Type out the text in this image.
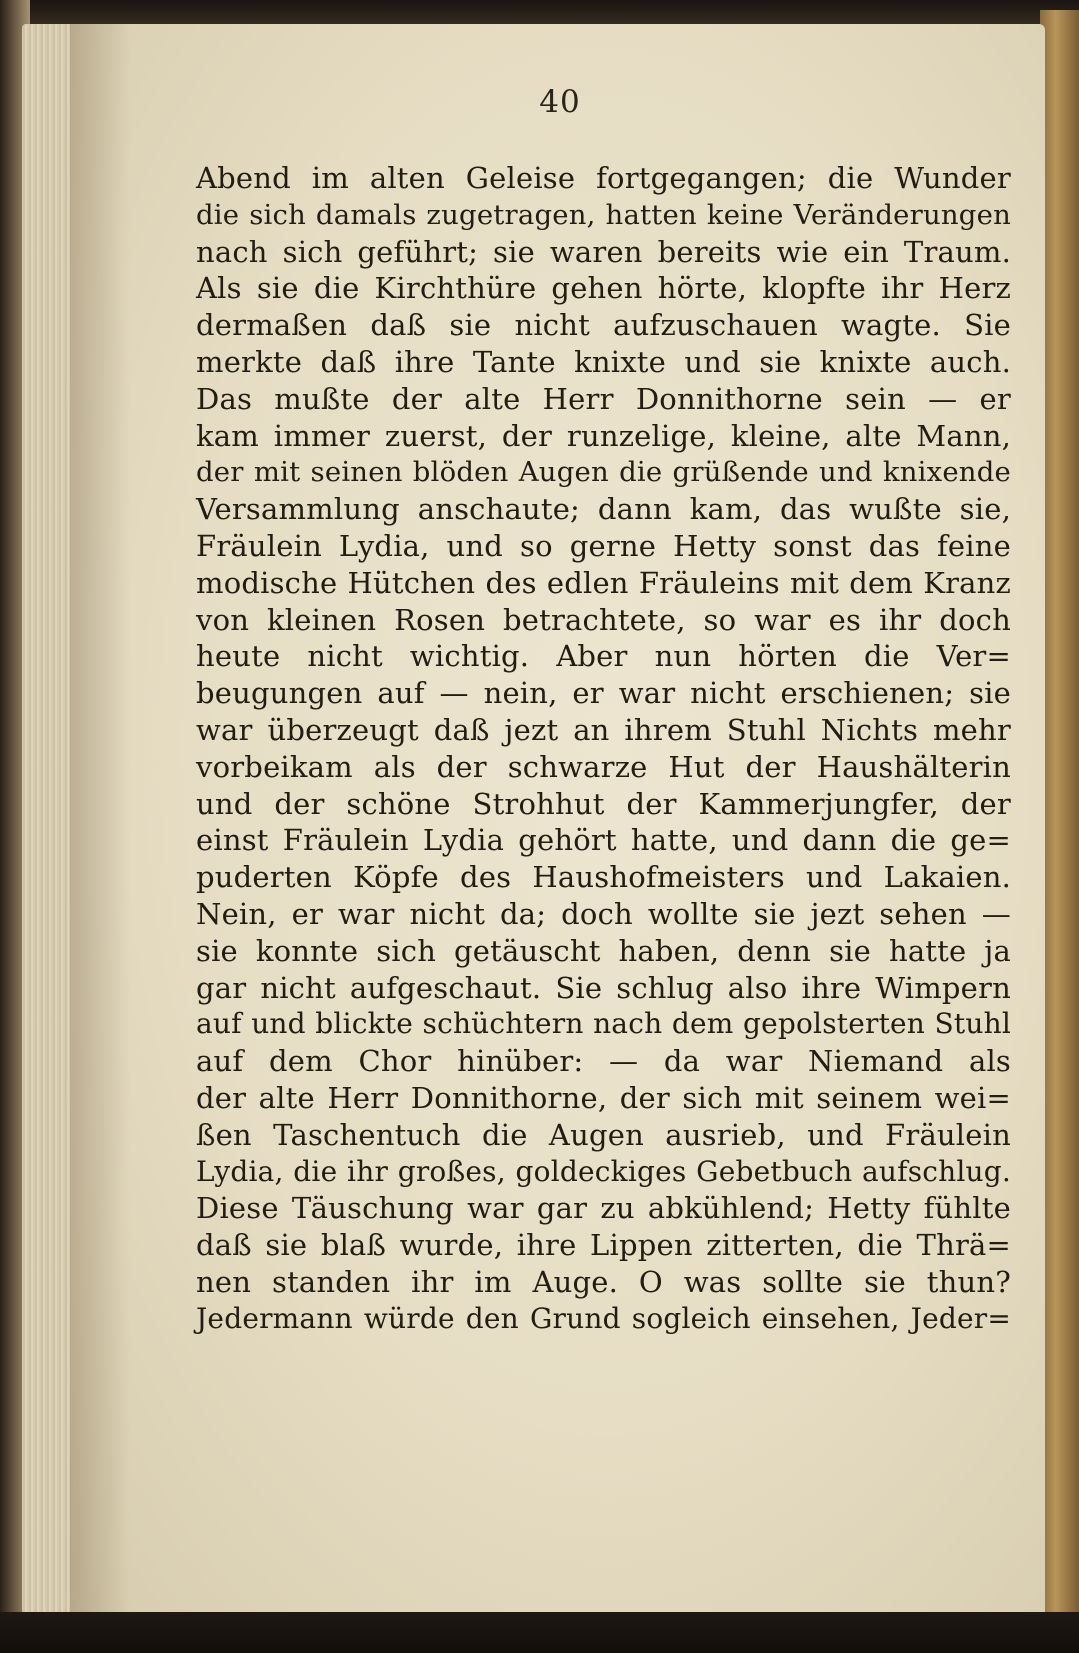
40
Abend im alten Geleise fortgegangen; die Wunder
die sich damals zugetragen, hatten keine Veränderungen
nach sich geführt; sie waren bereits wie ein Traum.
Als sie die Kirchthüre gehen hörte, klopfte ihr Herz
dermaßen daß sie nicht aufzuschauen wagte. Sie
merkte daß ihre Tante knixte und sie knixte auch.
Das mußte der alte Herr Donnithorne sein — er
kam immer zuerst, der runzelige, kleine, alte Mann,
der mit seinen blöden Augen die grüßende und knixende
Versammlung anschaute; dann kam, das wußte sie,
Fräulein Lydia, und so gerne Hetty sonst das feine
modische Hütchen des edlen Fräuleins mit dem Kranz
von kleinen Rosen betrachtete, so war es ihr doch
heute nicht wichtig. Aber nun hörten die Ver=
beugungen auf — nein, er war nicht erschienen; sie
war überzeugt daß jezt an ihrem Stuhl Nichts mehr
vorbeikam als der schwarze Hut der Haushälterin
und der schöne Strohhut der Kammerjungfer, der
einst Fräulein Lydia gehört hatte, und dann die ge=
puderten Köpfe des Haushofmeisters und Lakaien.
Nein, er war nicht da; doch wollte sie jezt sehen —
sie konnte sich getäuscht haben, denn sie hatte ja
gar nicht aufgeschaut. Sie schlug also ihre Wimpern
auf und blickte schüchtern nach dem gepolsterten Stuhl
auf dem Chor hinüber: — da war Niemand als
der alte Herr Donnithorne, der sich mit seinem wei=
ßen Taschentuch die Augen ausrieb, und Fräulein
Lydia, die ihr großes, goldeckiges Gebetbuch aufschlug.
Diese Täuschung war gar zu abkühlend; Hetty fühlte
daß sie blaß wurde, ihre Lippen zitterten, die Thrä=
nen standen ihr im Auge. O was sollte sie thun?
Jedermann würde den Grund sogleich einsehen, Jeder=
